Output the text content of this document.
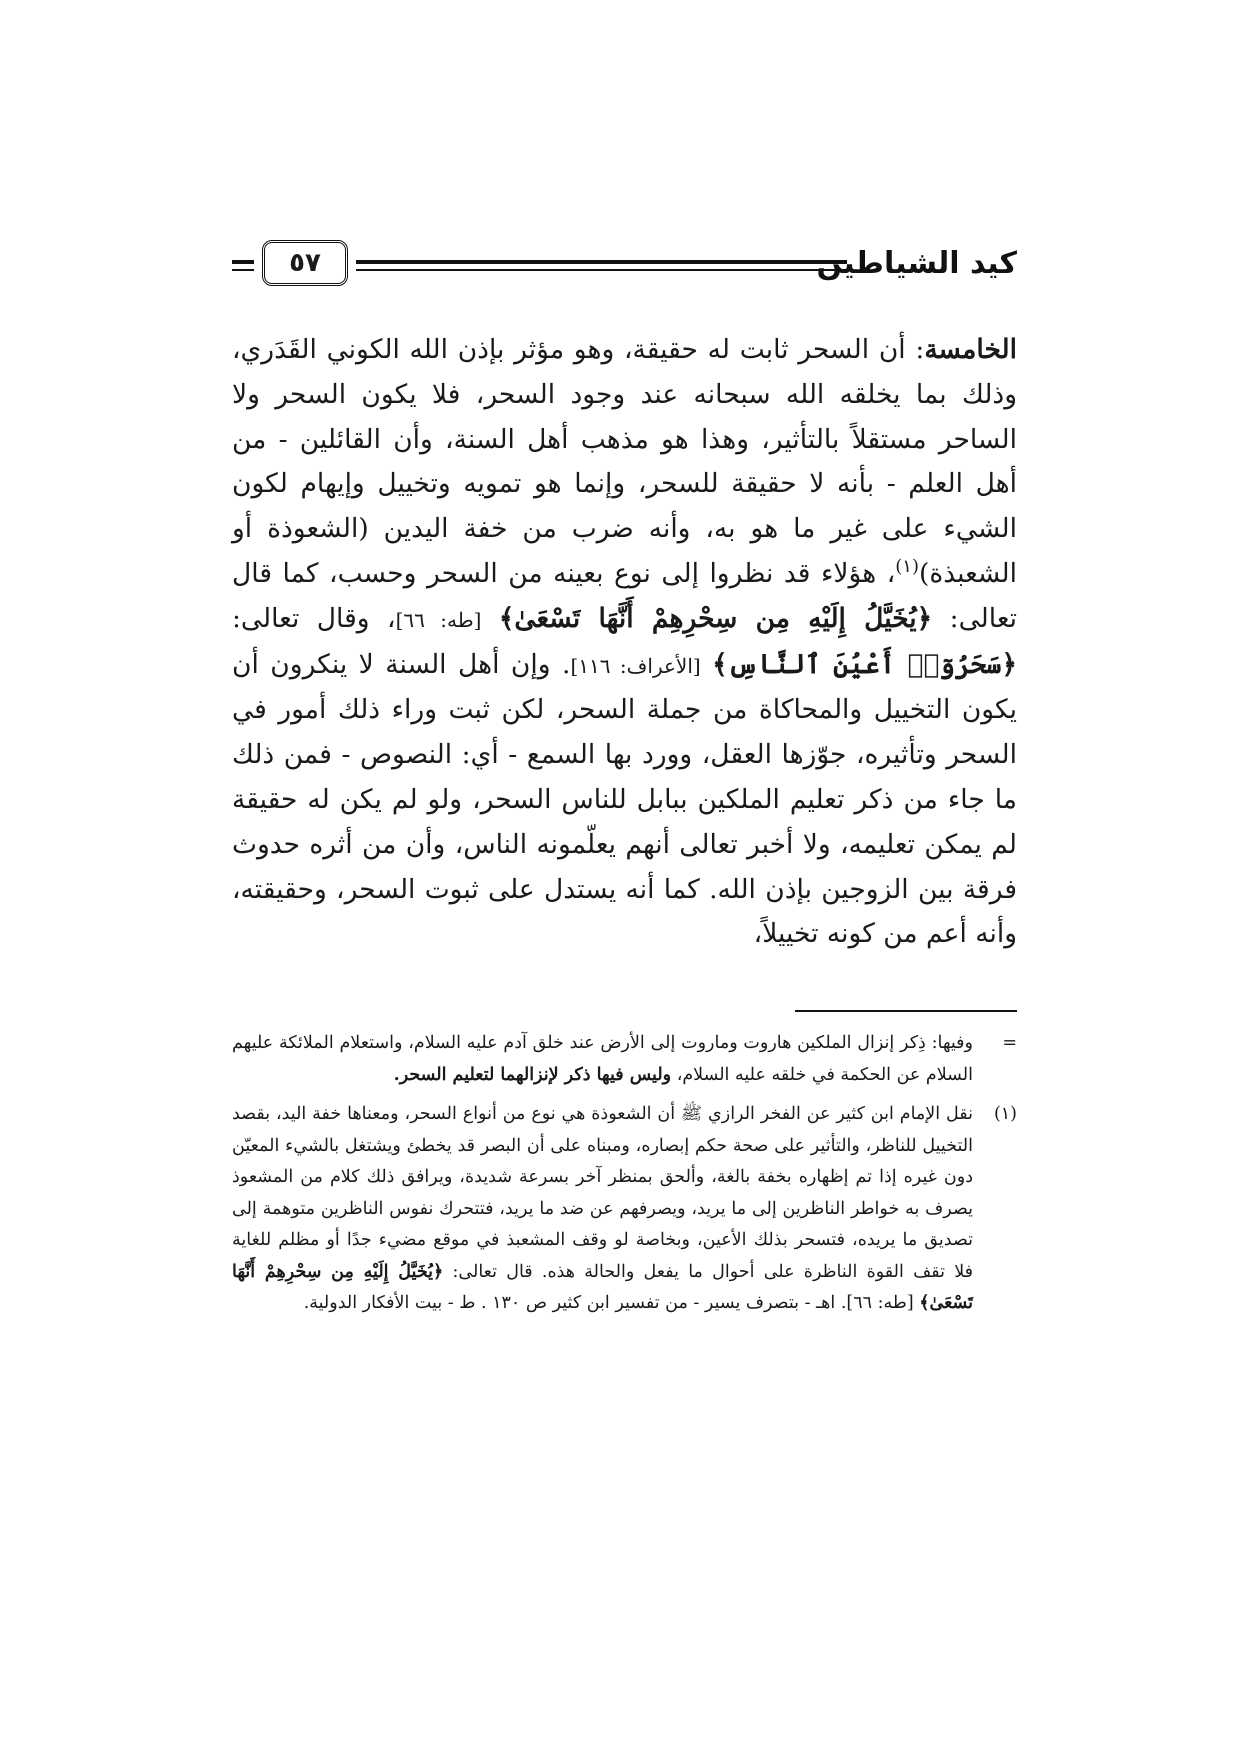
٥٧	كيد الشياطين

الخامسة: أن السحر ثابت له حقيقة، وهو مؤثر بإذن الله الكوني القَدَري، وذلك بما يخلقه الله سبحانه عند وجود السحر، فلا يكون السحر ولا الساحر مستقلاً بالتأثير، وهذا هو مذهب أهل السنة، وأن القائلين - من أهل العلم - بأنه لا حقيقة للسحر، وإنما هو تمويه وتخييل وإيهام لكون الشيء على غير ما هو به، وأنه ضرب من خفة اليدين (الشعوذة أو الشعبذة)$^{(١)}$، هؤلاء قد نظروا إلى نوع بعينه من السحر وحسب، كما قال تعالى: ﴿يُخَيَّلُ إِلَيْهِ مِن سِحْرِهِمْ أَنَّهَا تَسْعَىٰ﴾ [طه: ٦٦]، وقال تعالى: ﴿سَحَرُوٓا۟ أَعْيُنَ ٱلنَّاسِ﴾ [الأعراف: ١١٦]. وإن أهل السنة لا ينكرون أن يكون التخييل والمحاكاة من جملة السحر، لكن ثبت وراء ذلك أمور في السحر وتأثيره، جوّزها العقل، وورد بها السمع - أي: النصوص - فمن ذلك ما جاء من ذكر تعليم الملكين ببابل للناس السحر، ولو لم يكن له حقيقة لم يمكن تعليمه، ولا أخبر تعالى أنهم يعلّمونه الناس، وأن من أثره حدوث فرقة بين الزوجين بإذن الله. كما أنه يستدل على ثبوت السحر، وحقيقته، وأنه أعم من كونه تخييلاً،

=
وفيها: ذِكر إنزال الملكين هاروت وماروت إلى الأرض عند خلق آدم عليه السلام، واستعلام الملائكة عليهم السلام عن الحكمة في خلقه عليه السلام، وليس فيها ذكر لإنزالهما لتعليم السحر.
(١)
نقل الإمام ابن كثير عن الفخر الرازي ﷺ أن الشعوذة هي نوع من أنواع السحر، ومعناها خفة اليد، بقصد التخييل للناظر، والتأثير على صحة حكم إبصاره، ومبناه على أن البصر قد يخطئ ويشتغل بالشيء المعيّن دون غيره إذا تم إظهاره بخفة بالغة، وألحق بمنظر آخر بسرعة شديدة، ويرافق ذلك كلام من المشعوذ يصرف به خواطر الناظرين إلى ما يريد، ويصرفهم عن ضد ما يريد، فتتحرك نفوس الناظرين متوهمة إلى تصديق ما يريده، فتسحر بذلك الأعين، وبخاصة لو وقف المشعبذ في موقع مضيء جدًا أو مظلم للغاية فلا تقف القوة الناظرة على أحوال ما يفعل والحالة هذه. قال تعالى: ﴿يُخَيَّلُ إِلَيْهِ مِن سِحْرِهِمْ أَنَّهَا تَسْعَىٰ﴾ [طه: ٦٦]. اهـ - بتصرف يسير - من تفسير ابن كثير ص ١٣٠ . ط - بيت الأفكار الدولية.
